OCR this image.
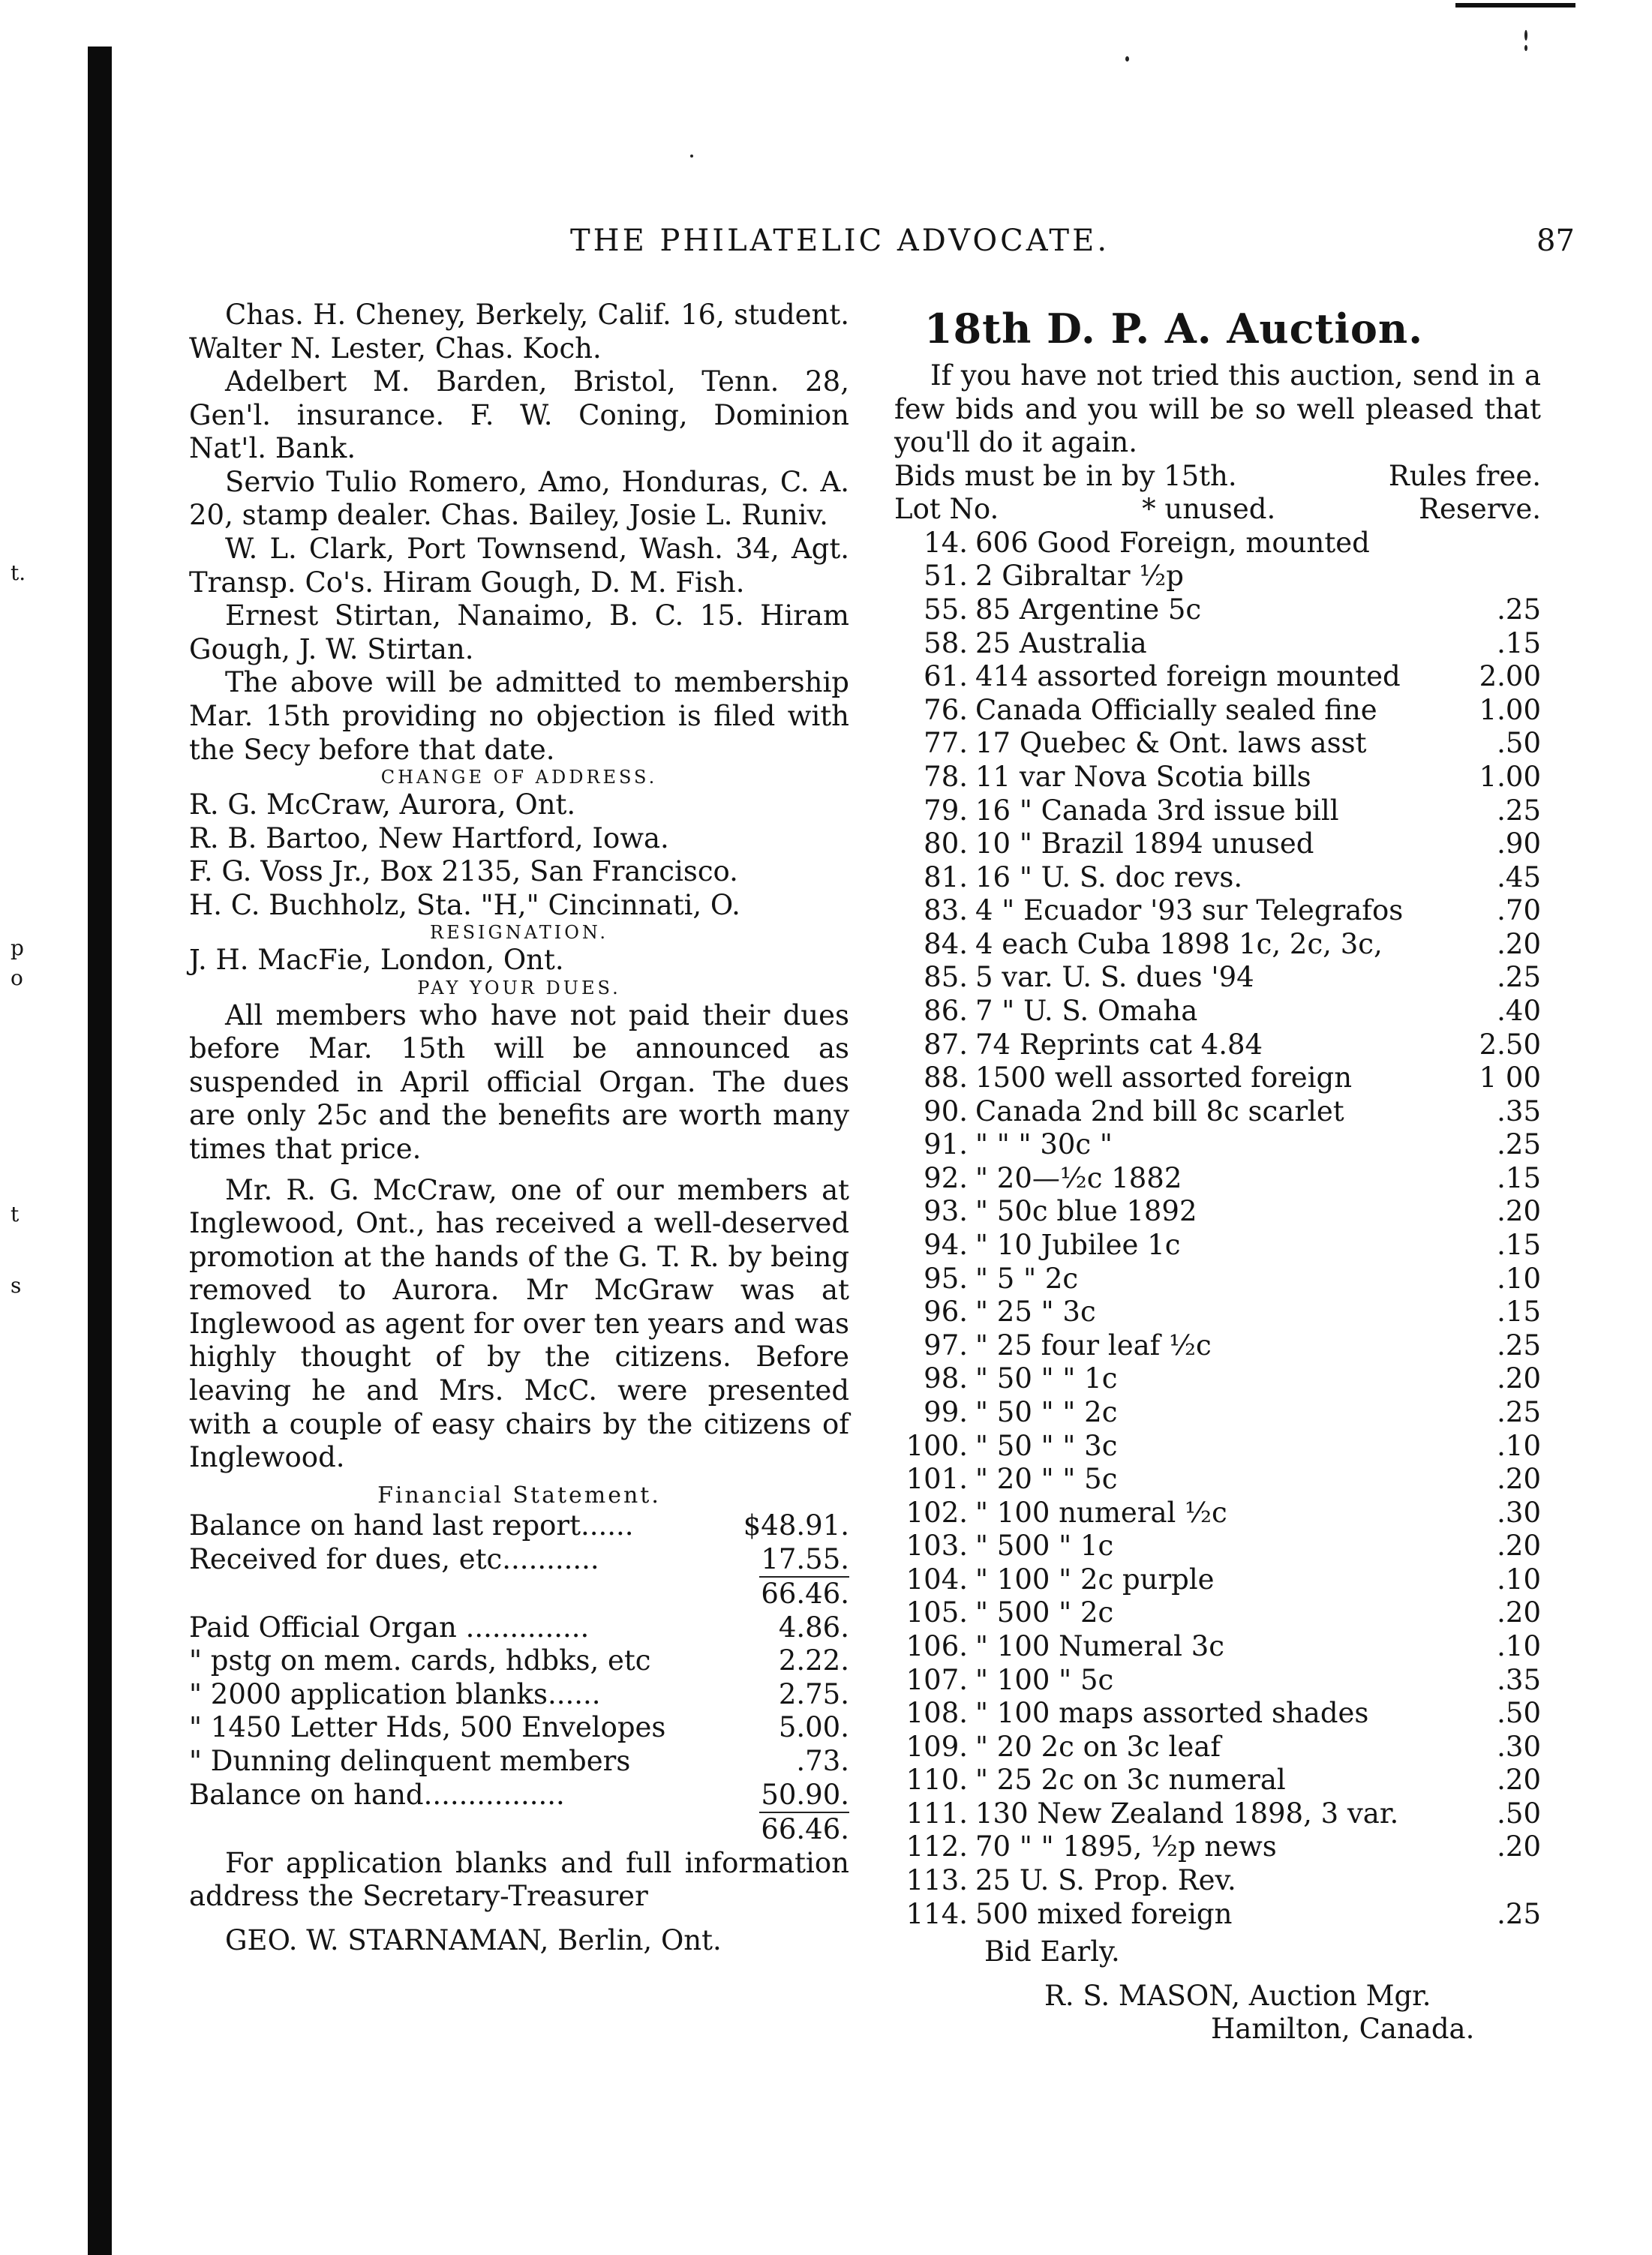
t.
p
o
t
s
THE PHILATELIC ADVOCATE.	87
Chas. H. Cheney, Berkely, Calif. 16, student. Walter N. Lester, Chas. Koch.
Adelbert M. Barden, Bristol, Tenn. 28, Gen'l. insurance. F. W. Coning, Dominion Nat'l. Bank.
Servio Tulio Romero, Amo, Honduras, C. A. 20, stamp dealer. Chas. Bailey, Josie L. Runiv.
W. L. Clark, Port Townsend, Wash. 34, Agt. Transp. Co's. Hiram Gough, D. M. Fish.
Ernest Stirtan, Nanaimo, B. C. 15. Hiram Gough, J. W. Stirtan.
The above will be admitted to membership Mar. 15th providing no objection is filed with the Secy before that date.
CHANGE OF ADDRESS.
R. G. McCraw, Aurora, Ont.
R. B. Bartoo, New Hartford, Iowa.
F. G. Voss Jr., Box 2135, San Francisco.
H. C. Buchholz, Sta. "H," Cincinnati, O.
RESIGNATION.
J. H. MacFie, London, Ont.
PAY YOUR DUES.
All members who have not paid their dues before Mar. 15th will be announced as suspended in April official Organ. The dues are only 25c and the benefits are worth many times that price.
Mr. R. G. McCraw, one of our members at Inglewood, Ont., has received a well-deserved promotion at the hands of the G. T. R. by being removed to Aurora. Mr McGraw was at Inglewood as agent for over ten years and was highly thought of by the citizens. Before leaving he and Mrs. McC. were presented with a couple of easy chairs by the citizens of Inglewood.
Financial Statement.
Balance on hand last report......	$48.91.
Received for dues, etc...........	17.55.
66.46.
Paid Official Organ ..............	4.86.
" pstg on mem. cards, hdbks, etc	2.22.
" 2000 application blanks......	2.75.
" 1450 Letter Hds, 500 Envelopes	5.00.
" Dunning delinquent members	.73.
Balance on hand................	50.90.
66.46.
For application blanks and full information address the Secretary-Treasurer
GEO. W. STARNAMAN, Berlin, Ont.
18th D. P. A. Auction.
If you have not tried this auction, send in a few bids and you will be so well pleased that you'll do it again.
Bids must be in by 15th.	Rules free.
Lot No.	* unused.	Reserve.
14. 606 Good Foreign, mounted
51. 2 Gibraltar ½p
55. 85 Argentine 5c	.25
58. 25 Australia	.15
61. 414 assorted foreign mounted	2.00
76. Canada Officially sealed fine	1.00
77. 17 Quebec & Ont. laws asst	.50
78. 11 var Nova Scotia bills	1.00
79. 16 " Canada 3rd issue bill	.25
80. 10 " Brazil 1894 unused	.90
81. 16 " U. S. doc revs.	.45
83. 4 " Ecuador '93 sur Telegrafos	.70
84. 4 each Cuba 1898 1c, 2c, 3c,	.20
85. 5 var. U. S. dues '94	.25
86. 7 " U. S. Omaha	.40
87. 74 Reprints cat 4.84	2.50
88. 1500 well assorted foreign	1 00
90. Canada 2nd bill 8c scarlet	.35
91. " " " 30c "	.25
92. " 20—½c 1882	.15
93. " 50c blue 1892	.20
94. " 10 Jubilee 1c	.15
95. " 5 " 2c	.10
96. " 25 " 3c	.15
97. " 25 four leaf ½c	.25
98. " 50 " " 1c	.20
99. " 50 " " 2c	.25
100. " 50 " " 3c	.10
101. " 20 " " 5c	.20
102. " 100 numeral ½c	.30
103. " 500 " 1c	.20
104. " 100 " 2c purple	.10
105. " 500 " 2c	.20
106. " 100 Numeral 3c	.10
107. " 100 " 5c	.35
108. " 100 maps assorted shades	.50
109. " 20 2c on 3c leaf	.30
110. " 25 2c on 3c numeral	.20
111. 130 New Zealand 1898, 3 var.	.50
112. 70 " " 1895, ½p news	.20
113. 25 U. S. Prop. Rev.
114. 500 mixed foreign	.25
Bid Early.
R. S. MASON, Auction Mgr.
Hamilton, Canada.
